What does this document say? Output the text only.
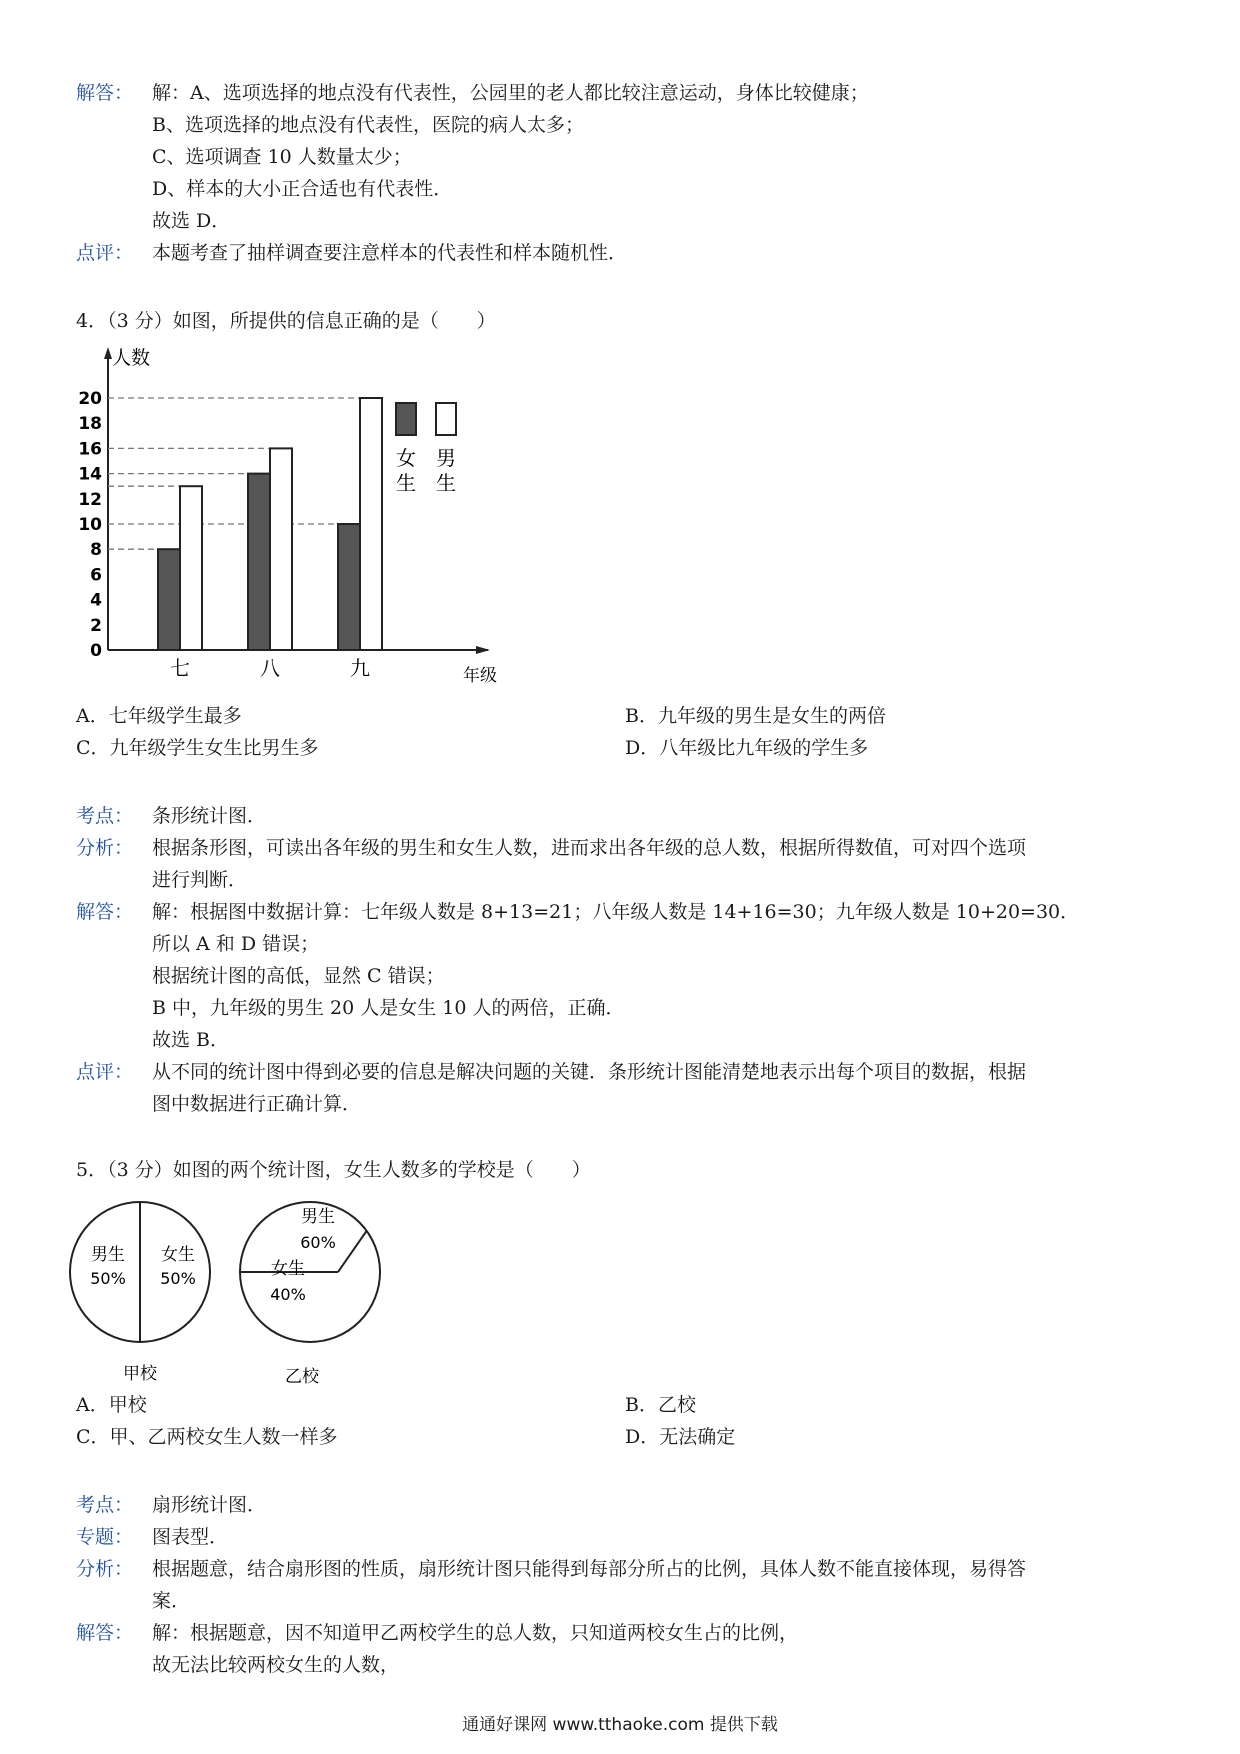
解答： 解：A、选项选择的地点没有代表性，公园里的老人都比较注意运动，身体比较健康；
B、选项选择的地点没有代表性，医院的病人太多；
C、选项调查 10 人数量太少；
D、样本的大小正合适也有代表性．
故选 D．
点评： 本题考查了抽样调查要注意样本的代表性和样本随机性．
4．（3 分）如图，所提供的信息正确的是（　　）
人数
年级
0
2
4
6
8
10
12
14
16
18
20
七	八	九
女
生
男
生
A．七年级学生最多	B．九年级的男生是女生的两倍
C．九年级学生女生比男生多	D．八年级比九年级的学生多
考点： 条形统计图．
分析： 根据条形图，可读出各年级的男生和女生人数，进而求出各年级的总人数，根据所得数值，可对四个选项
进行判断．
解答： 解：根据图中数据计算：七年级人数是 8+13=21；八年级人数是 14+16=30；九年级人数是 10+20=30．
所以 A 和 D 错误；
根据统计图的高低，显然 C 错误；
B 中，九年级的男生 20 人是女生 10 人的两倍，正确．
故选 B．
点评： 从不同的统计图中得到必要的信息是解决问题的关键．条形统计图能清楚地表示出每个项目的数据，根据
图中数据进行正确计算．
5．（3 分）如图的两个统计图，女生人数多的学校是（　　）
男生
50%
女生
50%
甲校
男生
60%
女生
40%
乙校
A．甲校	B．乙校
C．甲、乙两校女生人数一样多	D．无法确定
考点： 扇形统计图．
专题： 图表型．
分析： 根据题意，结合扇形图的性质，扇形统计图只能得到每部分所占的比例，具体人数不能直接体现，易得答
案．
解答： 解：根据题意，因不知道甲乙两校学生的总人数，只知道两校女生占的比例，
故无法比较两校女生的人数，
通通好课网 www.tthaoke.com 提供下载
